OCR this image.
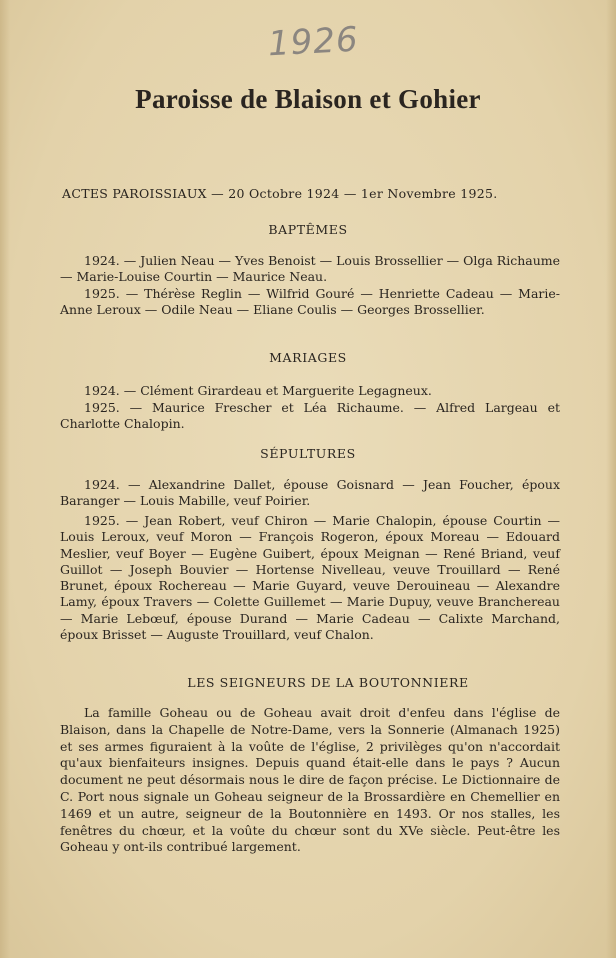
1926
Paroisse de Blaison et Gohier
ACTES PAROISSIAUX — 20 Octobre 1924 — 1er Novembre 1925.
BAPTÊMES
1924. — Julien Neau — Yves Benoist — Louis Brossellier — Olga Richaume — Marie-Louise Courtin — Maurice Neau.
1925. — Thérèse Reglin — Wilfrid Gouré — Henriette Cadeau — Marie-Anne Leroux — Odile Neau — Eliane Coulis — Georges Brossellier.
MARIAGES
1924. — Clément Girardeau et Marguerite Legagneux.
1925. — Maurice Frescher et Léa Richaume. — Alfred Largeau et Charlotte Chalopin.
SÉPULTURES
1924. — Alexandrine Dallet, épouse Goisnard — Jean Foucher, époux Baranger — Louis Mabille, veuf Poirier.
1925. — Jean Robert, veuf Chiron — Marie Chalopin, épouse Courtin — Louis Leroux, veuf Moron — François Rogeron, époux Moreau — Edouard Meslier, veuf Boyer — Eugène Guibert, époux Meignan — René Briand, veuf Guillot — Joseph Bouvier — Hortense Nivelleau, veuve Trouillard — René Brunet, époux Rochereau — Marie Guyard, veuve Derouineau — Alexandre Lamy, époux Travers — Colette Guillemet — Marie Dupuy, veuve Branchereau — Marie Lebœuf, épouse Durand — Marie Cadeau — Calixte Marchand, époux Brisset — Auguste Trouillard, veuf Chalon.
LES SEIGNEURS DE LA BOUTONNIERE
La famille Goheau ou de Goheau avait droit d'enfeu dans l'église de Blaison, dans la Chapelle de Notre-Dame, vers la Sonnerie (Almanach 1925) et ses armes figuraient à la voûte de l'église, 2 privilèges qu'on n'accordait qu'aux bienfaiteurs insignes. Depuis quand était-elle dans le pays ? Aucun document ne peut désormais nous le dire de façon précise. Le Dictionnaire de C. Port nous signale un Goheau seigneur de la Brossardière en Chemellier en 1469 et un autre, seigneur de la Boutonnière en 1493. Or nos stalles, les fenêtres du chœur, et la voûte du chœur sont du XVe siècle. Peut-être les Goheau y ont-ils contribué largement.
